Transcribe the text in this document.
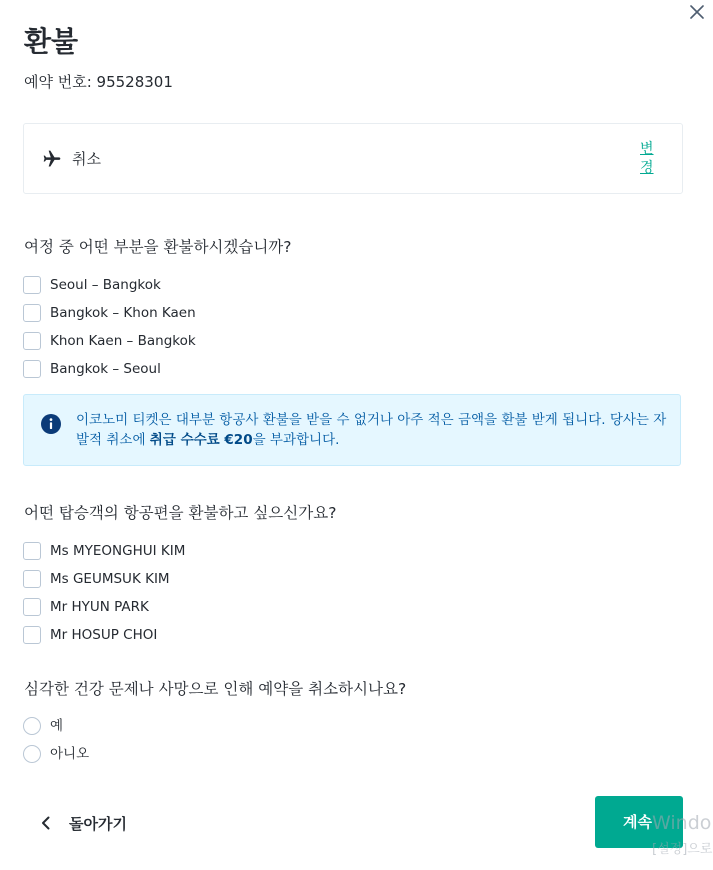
환불
예약 번호: 95528301
취소
변경
여정 중 어떤 부분을 환불하시겠습니까?
Seoul – Bangkok
Bangkok – Khon Kaen
Khon Kaen – Bangkok
Bangkok – Seoul
이코노미 티켓은 대부분 항공사 환불을 받을 수 없거나 아주 적은 금액을 환불 받게 됩니다. 당사는 자발적 취소에 취급 수수료 €20을 부과합니다.
어떤 탑승객의 항공편을 환불하고 싶으신가요?
Ms MYEONGHUI KIM
Ms GEUMSUK KIM
Mr HYUN PARK
Mr HOSUP CHOI
심각한 건강 문제나 사망으로 인해 예약을 취소하시나요?
예
아니오
돌아가기	계속 Windo
[설정]으로
